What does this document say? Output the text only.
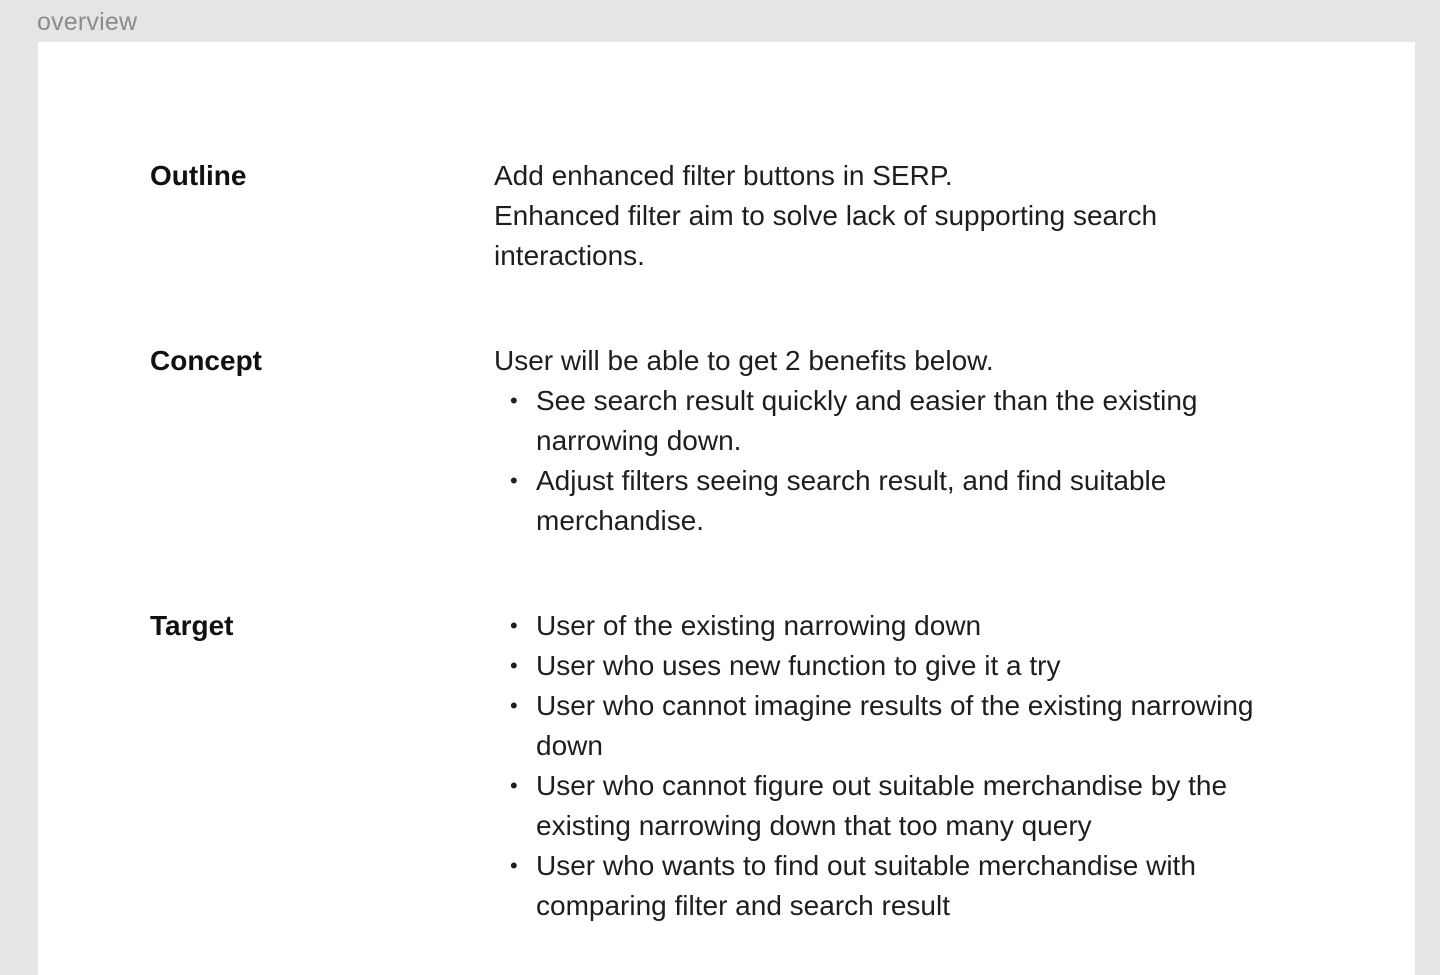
overview
Outline	Add enhanced filter buttons in SERP.

Enhanced filter aim to solve lack of supporting search interactions.

Concept	User will be able to get 2 benefits below.

• See search result quickly and easier than the existing narrowing down.
• Adjust filters seeing search result, and find suitable merchandise.
Target	• User of the existing narrowing down
• User who uses new function to give it a try
• User who cannot imagine results of the existing narrowing down
• User who cannot figure out suitable merchandise by the existing narrowing down that too many query
• User who wants to find out suitable merchandise with comparing filter and search result
